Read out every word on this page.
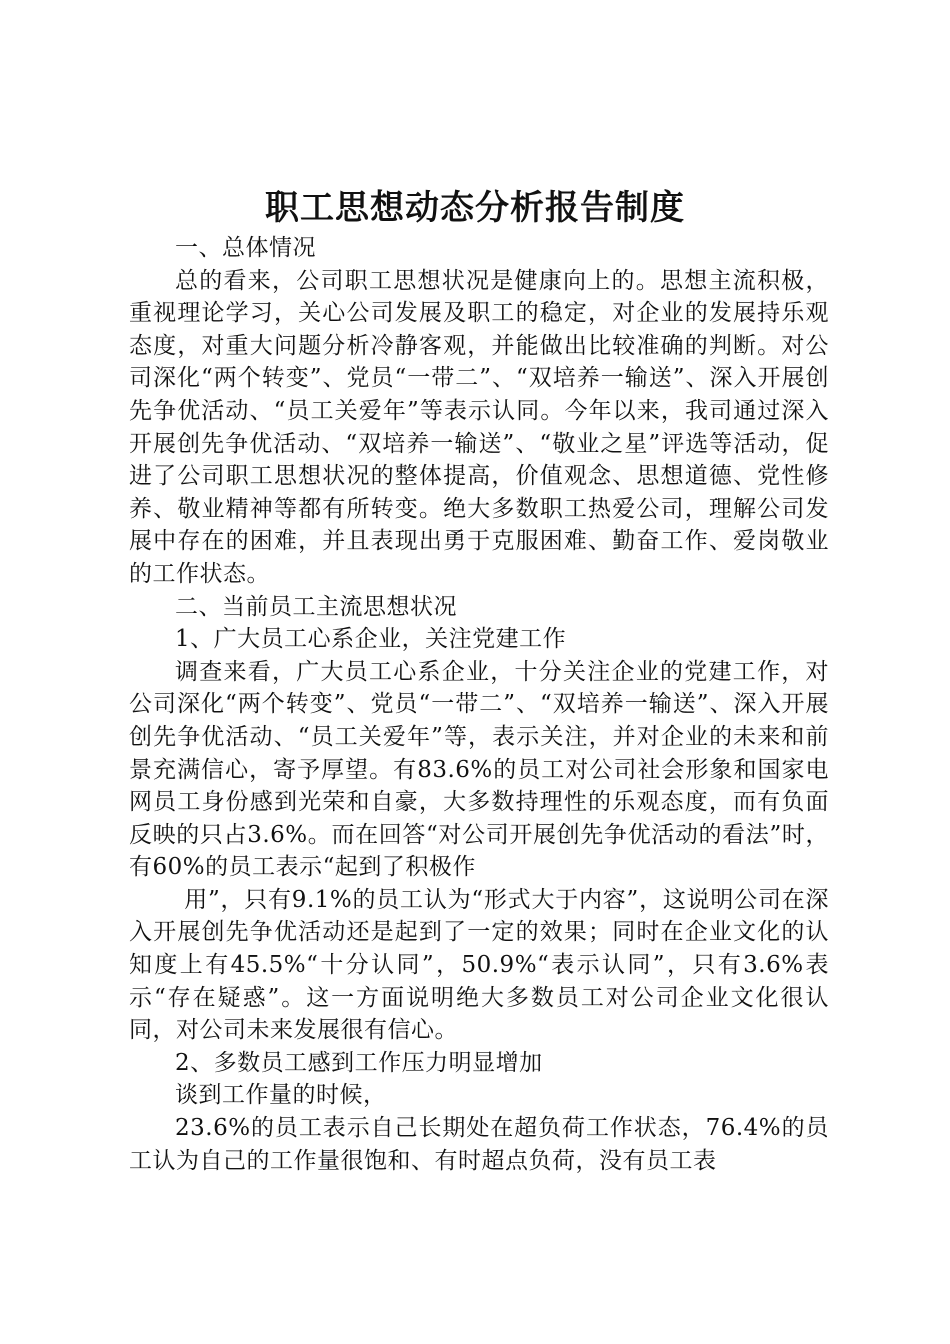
职工思想动态分析报告制度

一、总体情况

总的看来，公司职工思想状况是健康向上的。思想主流积极，重视理论学习，关心公司发展及职工的稳定，对企业的发展持乐观态度，对重大问题分析冷静客观，并能做出比较准确的判断。对公司深化“两个转变”、党员“一带二”、“双培养一输送”、深入开展创先争优活动、“员工关爱年”等表示认同。今年以来，我司通过深入开展创先争优活动、“双培养一输送”、“敬业之星”评选等活动，促进了公司职工思想状况的整体提高，价值观念、思想道德、党性修养、敬业精神等都有所转变。绝大多数职工热爱公司，理解公司发展中存在的困难，并且表现出勇于克服困难、勤奋工作、爱岗敬业的工作状态。

二、当前员工主流思想状况

1、广大员工心系企业，关注党建工作

调查来看，广大员工心系企业，十分关注企业的党建工作，对公司深化“两个转变”、党员“一带二”、“双培养一输送”、深入开展创先争优活动、“员工关爱年”等，表示关注，并对企业的未来和前景充满信心，寄予厚望。有83.6%的员工对公司社会形象和国家电网员工身份感到光荣和自豪，大多数持理性的乐观态度，而有负面反映的只占3.6%。而在回答“对公司开展创先争优活动的看法”时，有60%的员工表示“起到了积极作

用”，只有9.1%的员工认为“形式大于内容”，这说明公司在深入开展创先争优活动还是起到了一定的效果；同时在企业文化的认知度上有45.5%“十分认同”，50.9%“表示认同”，只有3.6%表示“存在疑惑”。这一方面说明绝大多数员工对公司企业文化很认同，对公司未来发展很有信心。

2、多数员工感到工作压力明显增加

谈到工作量的时候，

23.6%的员工表示自己长期处在超负荷工作状态，76.4%的员工认为自己的工作量很饱和、有时超点负荷，没有员工表
